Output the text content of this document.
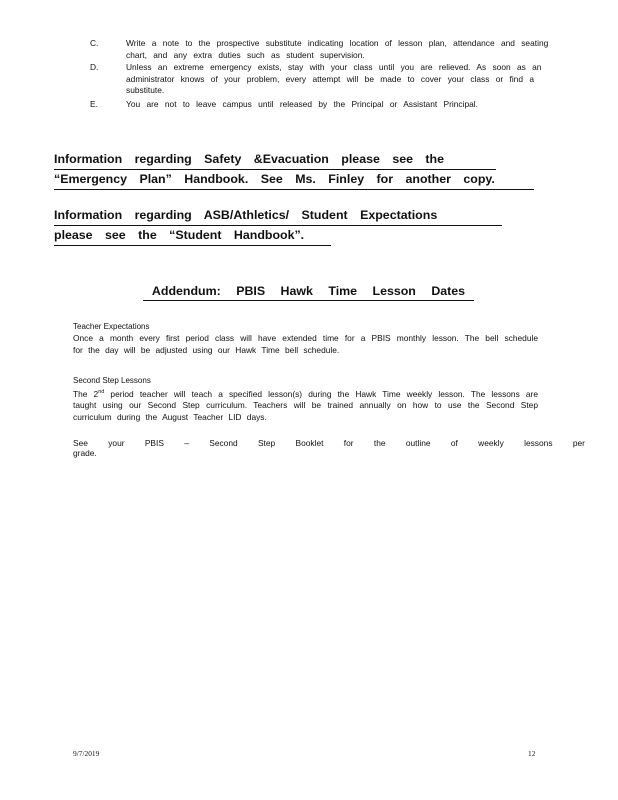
C.	Write a note to the prospective substitute indicating location of lesson plan, attendance and seating chart, and any extra duties such as student supervision.
D.	Unless an extreme emergency exists, stay with your class until you are relieved. As soon as an administrator knows of your problem, every attempt will be made to cover your class or find a substitute.
E.	You are not to leave campus until released by the Principal or Assistant Principal.
Information regarding Safety &Evacuation please see the
“Emergency Plan” Handbook. See Ms. Finley for another copy.
Information regarding ASB/Athletics/ Student Expectations
please see the “Student Handbook”.
Addendum: PBIS Hawk Time Lesson Dates
Teacher Expectations
Once a month every first period class will have extended time for a PBIS monthly lesson. The bell schedule for the day will be adjusted using our Hawk Time bell schedule.
Second Step Lessons
The 2nd period teacher will teach a specified lesson(s) during the Hawk Time weekly lesson. The lessons are taught using our Second Step curriculum. Teachers will be trained annually on how to use the Second Step curriculum during the August Teacher LID days.
See your PBIS – Second Step Booklet for the outline of weekly lessons per grade.
9/7/2019	12
